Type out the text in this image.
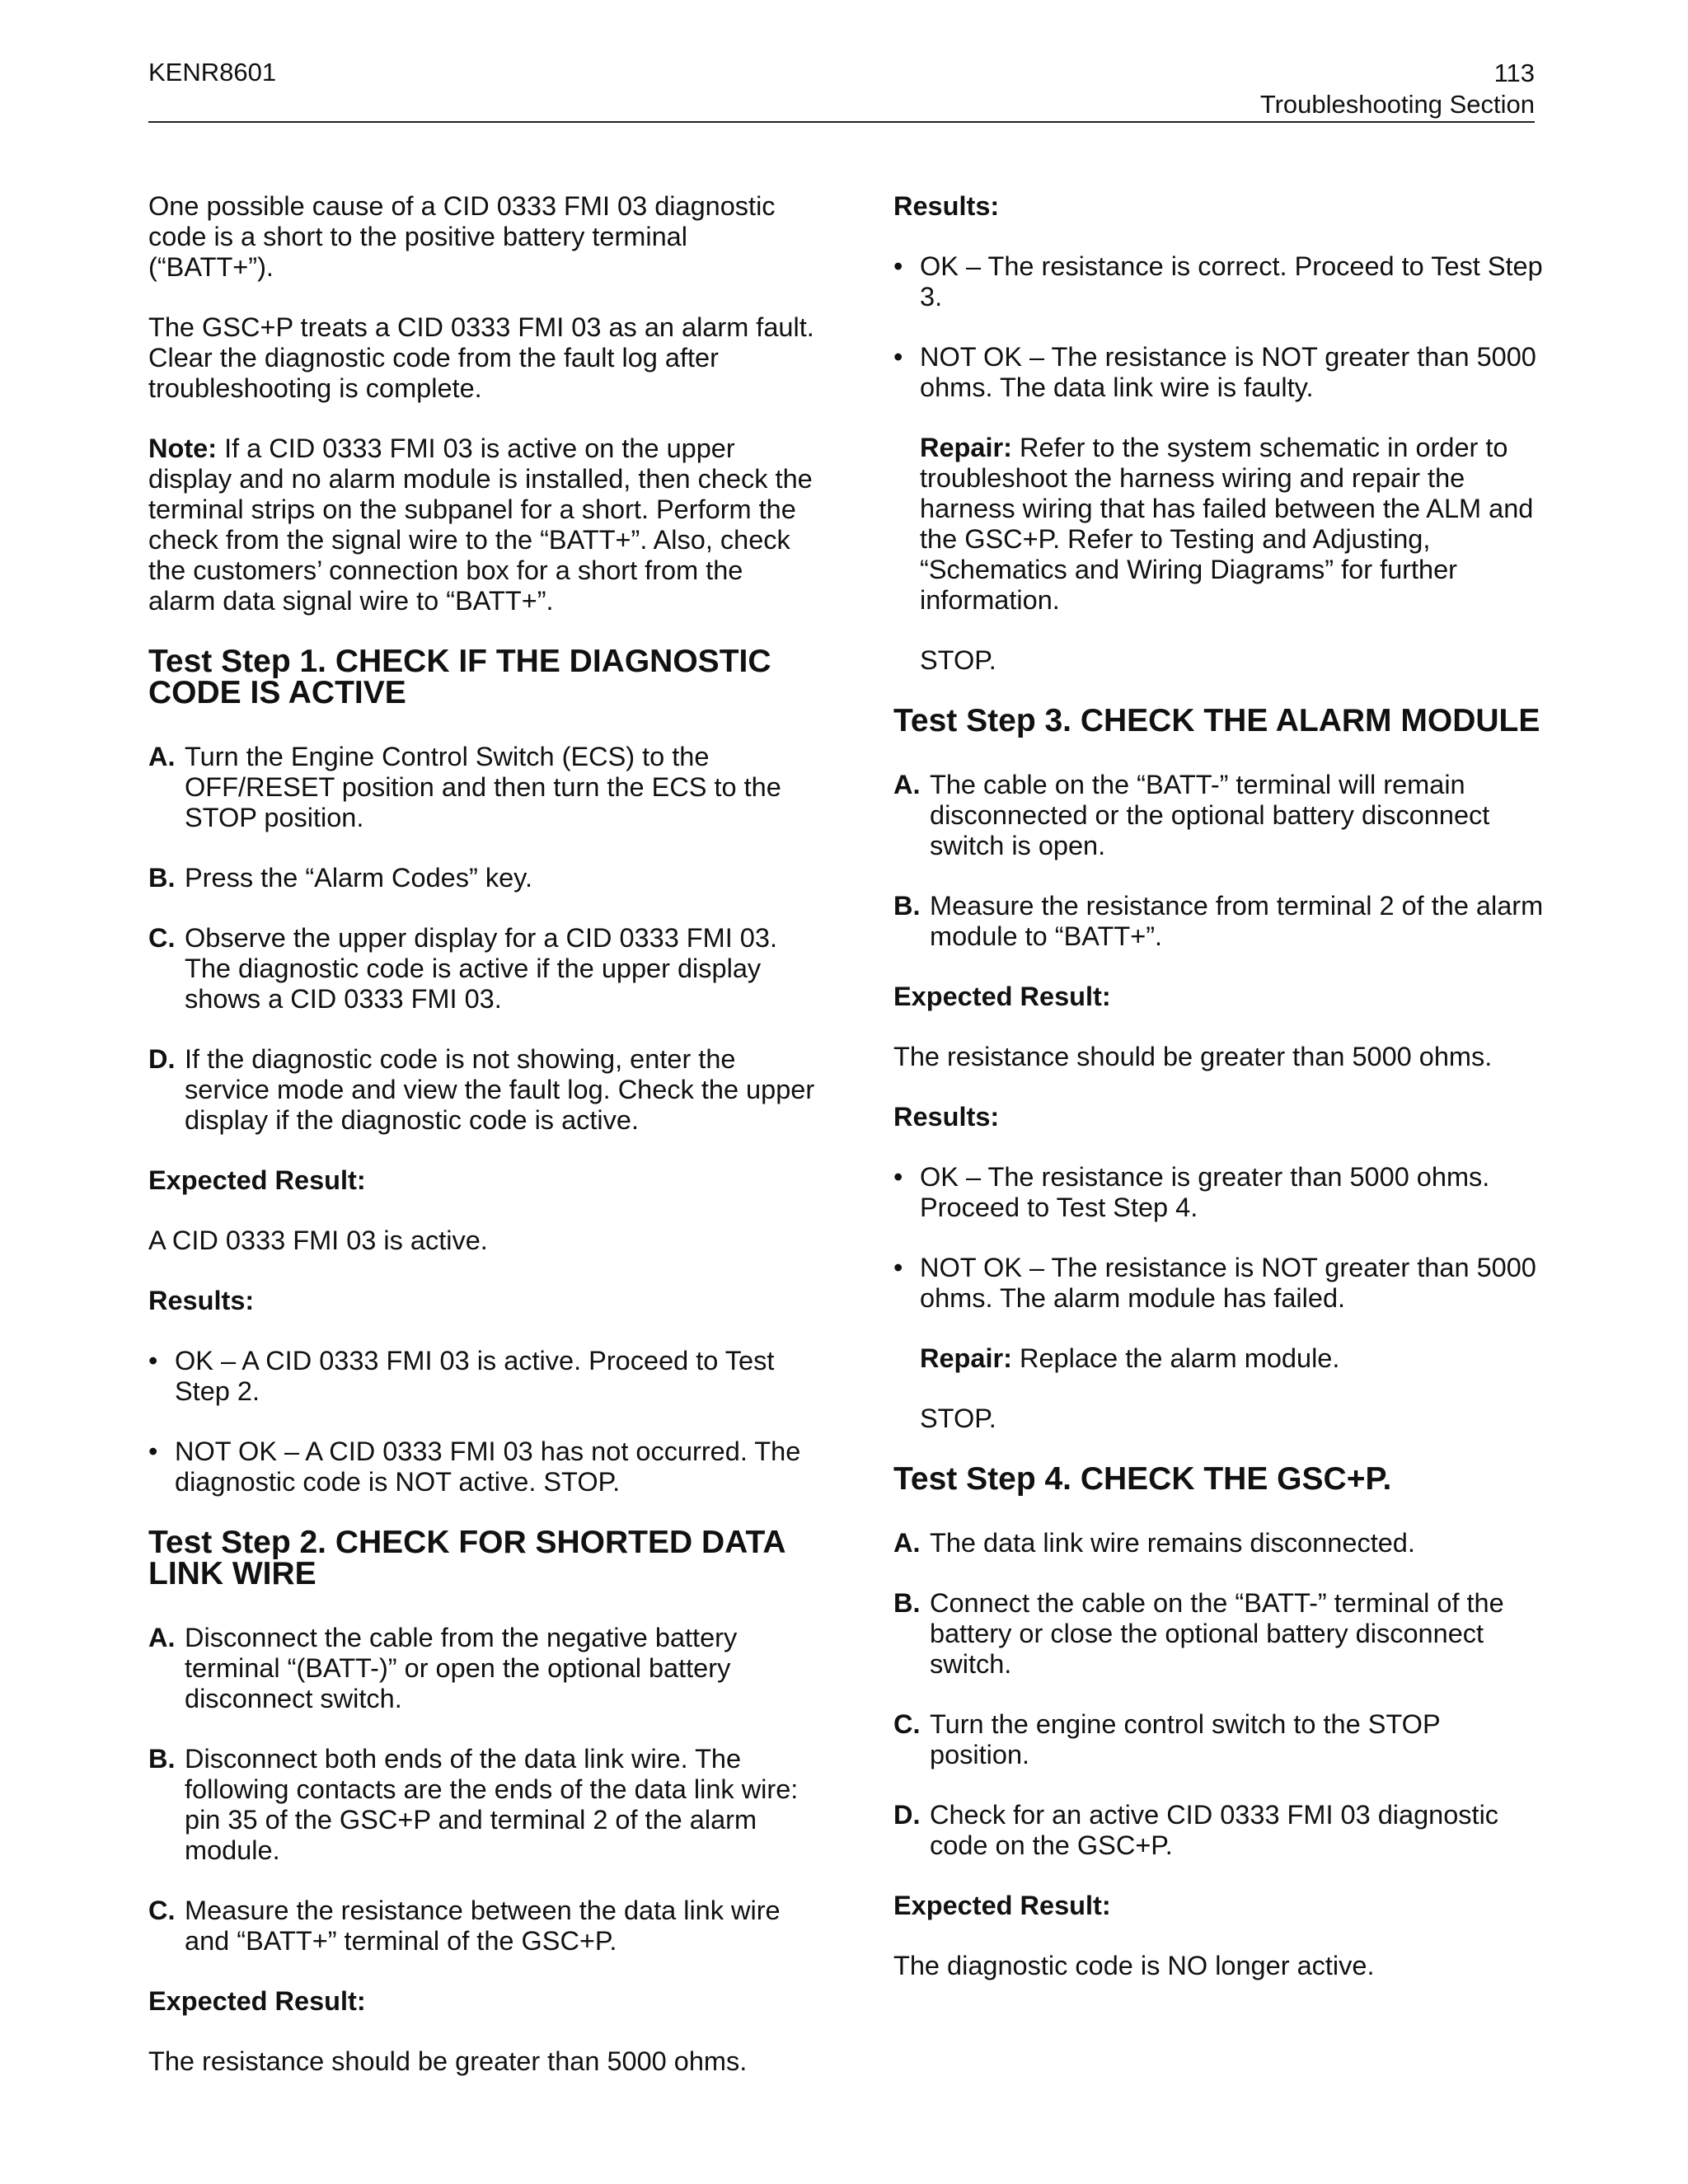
KENR8601	113
Troubleshooting Section

One possible cause of a CID 0333 FMI 03 diagnostic code is a short to the positive battery terminal (“BATT+”).

The GSC+P treats a CID 0333 FMI 03 as an alarm fault. Clear the diagnostic code from the fault log after troubleshooting is complete.

Note: If a CID 0333 FMI 03 is active on the upper display and no alarm module is installed, then check the terminal strips on the subpanel for a short. Perform the check from the signal wire to the “BATT+”. Also, check the customers’ connection box for a short from the alarm data signal wire to “BATT+”.

Test Step 1. CHECK IF THE DIAGNOSTIC CODE IS ACTIVE
A. Turn the Engine Control Switch (ECS) to the OFF/RESET position and then turn the ECS to the STOP position.
B. Press the “Alarm Codes” key.
C. Observe the upper display for a CID 0333 FMI 03. The diagnostic code is active if the upper display shows a CID 0333 FMI 03.
D. If the diagnostic code is not showing, enter the service mode and view the fault log. Check the upper display if the diagnostic code is active.

Expected Result:

A CID 0333 FMI 03 is active.

Results:

• OK – A CID 0333 FMI 03 is active. Proceed to Test Step 2.
• NOT OK – A CID 0333 FMI 03 has not occurred. The diagnostic code is NOT active. STOP.
Test Step 2. CHECK FOR SHORTED DATA LINK WIRE
A. Disconnect the cable from the negative battery terminal “(BATT-)” or open the optional battery disconnect switch.
B. Disconnect both ends of the data link wire. The following contacts are the ends of the data link wire: pin 35 of the GSC+P and terminal 2 of the alarm module.
C. Measure the resistance between the data link wire and “BATT+” terminal of the GSC+P.

Expected Result:

The resistance should be greater than 5000 ohms.

Results:

• OK – The resistance is correct. Proceed to Test Step 3.
• NOT OK – The resistance is NOT greater than 5000 ohms. The data link wire is faulty.

Repair: Refer to the system schematic in order to troubleshoot the harness wiring and repair the harness wiring that has failed between the ALM and the GSC+P. Refer to Testing and Adjusting, “Schematics and Wiring Diagrams” for further information.

STOP.

Test Step 3. CHECK THE ALARM MODULE
A. The cable on the “BATT-” terminal will remain disconnected or the optional battery disconnect switch is open.
B. Measure the resistance from terminal 2 of the alarm module to “BATT+”.

Expected Result:

The resistance should be greater than 5000 ohms.

Results:

• OK – The resistance is greater than 5000 ohms. Proceed to Test Step 4.
• NOT OK – The resistance is NOT greater than 5000 ohms. The alarm module has failed.

Repair: Replace the alarm module.

STOP.

Test Step 4. CHECK THE GSC+P.
A. The data link wire remains disconnected.
B. Connect the cable on the “BATT-” terminal of the battery or close the optional battery disconnect switch.
C. Turn the engine control switch to the STOP position.
D. Check for an active CID 0333 FMI 03 diagnostic code on the GSC+P.

Expected Result:

The diagnostic code is NO longer active.
